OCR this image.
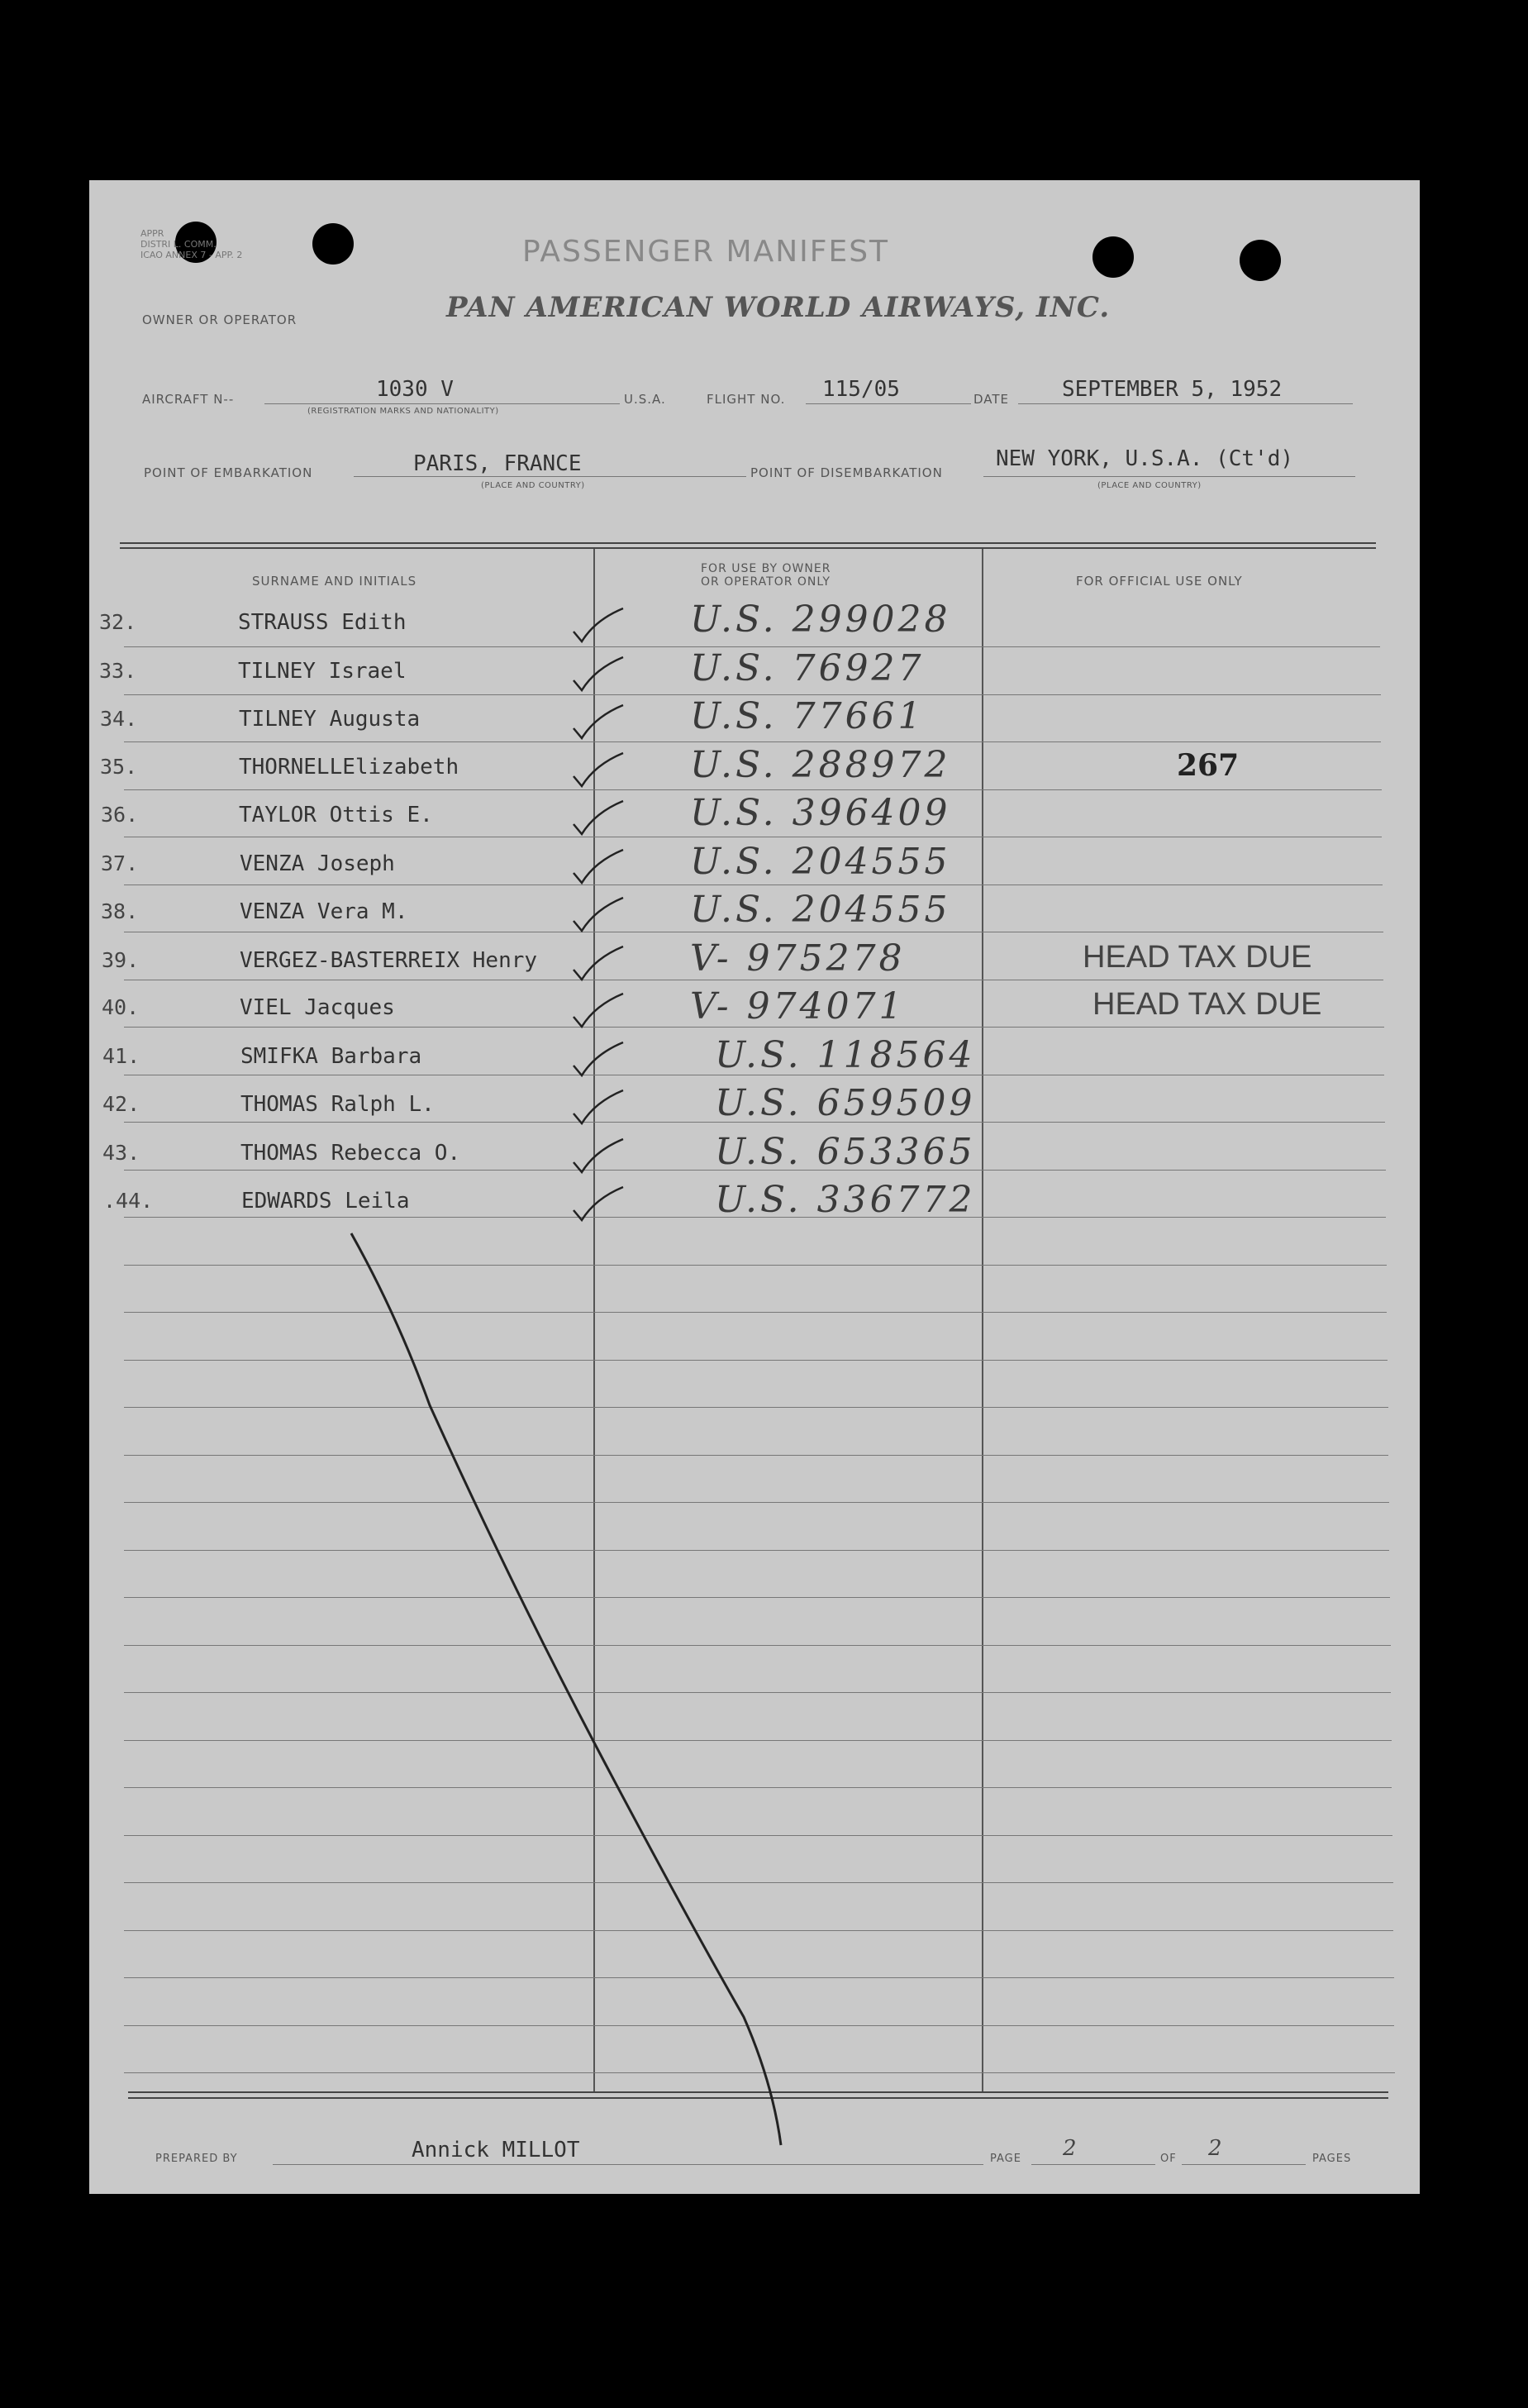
APPR
DISTRI L. COMM.
ICAO ANNEX 7 - APP. 2	PASSENGER MANIFEST
OWNER OR OPERATOR	PAN AMERICAN WORLD AIRWAYS, INC.
AIRCRAFT N--	1030 V
(REGISTRATION MARKS AND NATIONALITY)
U.S.A.	FLIGHT NO. 115/05	DATE SEPTEMBER 5, 1952
POINT OF EMBARKATION	PARIS, FRANCE
(PLACE AND COUNTRY)
POINT OF DISEMBARKATION
NEW YORK, U.S.A. (Ct'd)
(PLACE AND COUNTRY)
SURNAME AND INITIALS
FOR USE BY OWNER
OR OPERATOR ONLY	FOR OFFICIAL USE ONLY
32.	STRAUSS Edith	U.S. 299028
33.	TILNEY Israel	U.S. 76927
34.	TILNEY Augusta	U.S. 77661
35.	THORNELLElizabeth	U.S. 288972	267
36.	TAYLOR Ottis E.	U.S. 396409
37.	VENZA Joseph	U.S. 204555
38.	VENZA Vera M.	U.S. 204555
39.	VERGEZ-BASTERREIX Henry	V- 975278	HEAD TAX DUE
40.	VIEL Jacques	V- 974071	HEAD TAX DUE
41.	SMIFKA Barbara	U.S. 118564
42.	THOMAS Ralph L.	U.S. 659509
43.	THOMAS Rebecca O.	U.S. 653365
.44.	EDWARDS Leila	U.S. 336772
PREPARED BY	Annick MILLOT	PAGE 2	OF 2	PAGES
